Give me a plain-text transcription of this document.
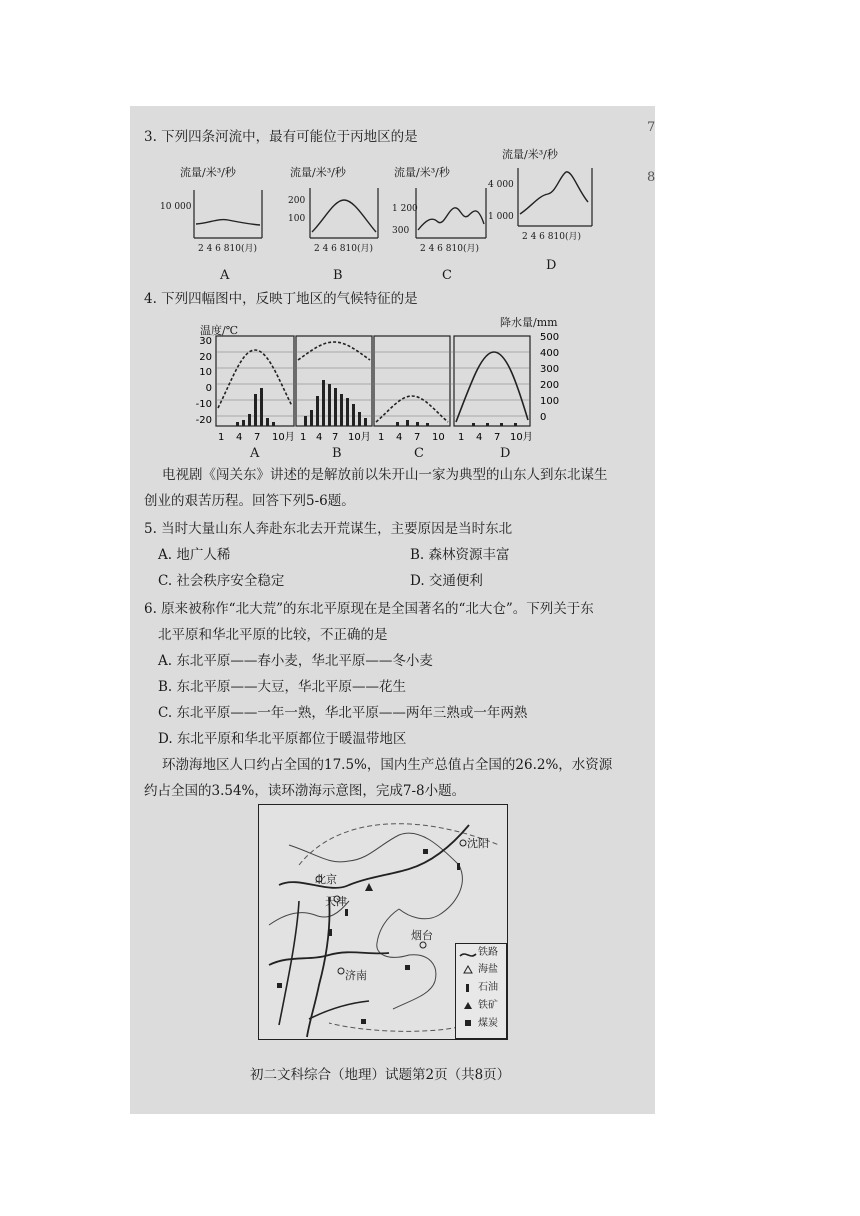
7
8
3. 下列四条河流中，最有可能位于丙地区的是
流量/米³/秒
10 000
2 4 6 810(月)
A
流量/米³/秒
200
100
2 4 6 810(月)
B
流量/米³/秒
1 200
300
2 4 6 810(月)
C
流量/米³/秒
4 000
1 000
2 4 6 810(月)
D
4. 下列四幅图中，反映丁地区的气候特征的是
温度/℃
降水量/mm
30
20
10
0
-10
-20
500
400
300
200
100
0
1 4 7 10月 1 4 7 10月 1 4 7 10 1 4 7 10月
A	B	C	D
电视剧《闯关东》讲述的是解放前以朱开山一家为典型的山东人到东北谋生
创业的艰苦历程。回答下列5-6题。
5. 当时大量山东人奔赴东北去开荒谋生，主要原因是当时东北
A. 地广人稀	B. 森林资源丰富
C. 社会秩序安全稳定	D. 交通便利
6. 原来被称作“北大荒”的东北平原现在是全国著名的“北大仓”。下列关于东
北平原和华北平原的比较，不正确的是
A. 东北平原——春小麦，华北平原——冬小麦
B. 东北平原——大豆，华北平原——花生
C. 东北平原——一年一熟，华北平原——两年三熟或一年两熟
D. 东北平原和华北平原都位于暖温带地区
环渤海地区人口约占全国的17.5%，国内生产总值占全国的26.2%，水资源
约占全国的3.54%，读环渤海示意图，完成7-8小题。
沈阳
北京
天津
烟台
济南
铁路
海盐
石油
铁矿
煤炭
初二文科综合（地理）试题第2页（共8页）
